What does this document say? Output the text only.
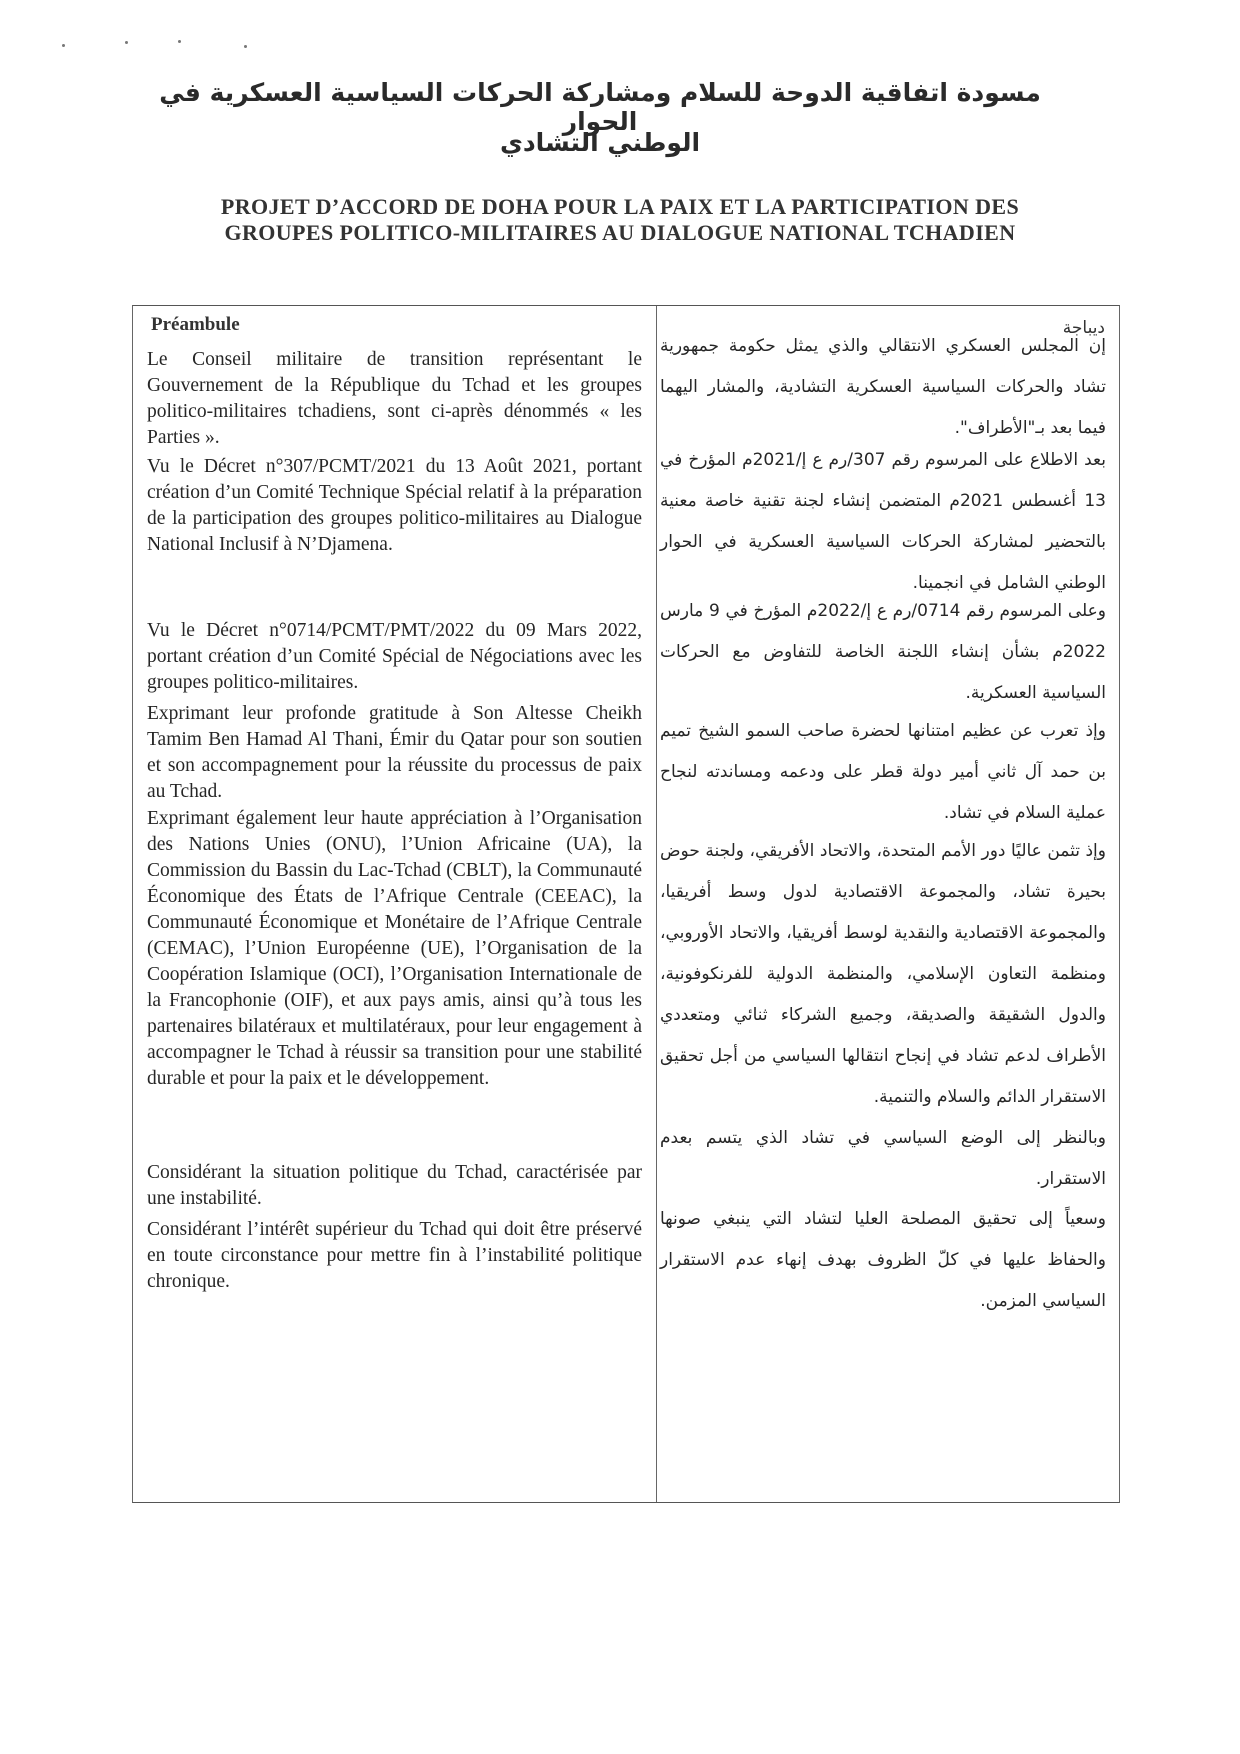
مسودة اتفاقية الدوحة للسلام ومشاركة الحركات السياسية العسكرية في الحوار
الوطني التشادي
PROJET D’ACCORD DE DOHA POUR LA PAIX ET LA PARTICIPATION DES
GROUPES POLITICO-MILITAIRES AU DIALOGUE NATIONAL TCHADIEN
Préambule	ديباجة

Le Conseil militaire de transition représentant le Gouvernement de la République du Tchad et les groupes politico-militaires tchadiens, sont ci-après dénommés « les Parties ».

Vu le Décret n°307/PCMT/2021 du 13 Août 2021, portant création d’un Comité Technique Spécial relatif à la préparation de la participation des groupes politico-militaires au Dialogue National Inclusif à N’Djamena.

Vu le Décret n°0714/PCMT/PMT/2022 du 09 Mars 2022, portant création d’un Comité Spécial de Négociations avec les groupes politico-militaires.

Exprimant leur profonde gratitude à Son Altesse Cheikh Tamim Ben Hamad Al Thani, Émir du Qatar pour son soutien et son accompagnement pour la réussite du processus de paix au Tchad.

Exprimant également leur haute appréciation à l’Organisation des Nations Unies (ONU), l’Union Africaine (UA), la Commission du Bassin du Lac-Tchad (CBLT), la Communauté Économique des États de l’Afrique Centrale (CEEAC), la Communauté Économique et Monétaire de l’Afrique Centrale (CEMAC), l’Union Européenne (UE), l’Organisation de la Coopération Islamique (OCI), l’Organisation Internationale de la Francophonie (OIF), et aux pays amis, ainsi qu’à tous les partenaires bilatéraux et multilatéraux, pour leur engagement à accompagner le Tchad à réussir sa transition pour une stabilité durable et pour la paix et le développement.

Considérant la situation politique du Tchad, caractérisée par une instabilité.

Considérant l’intérêt supérieur du Tchad qui doit être préservé en toute circonstance pour mettre fin à l’instabilité politique chronique.

إن المجلس العسكري الانتقالي والذي يمثل حكومة جمهورية تشاد والحركات السياسية العسكرية التشادية، والمشار اليهما فيما بعد بـ"الأطراف".

بعد الاطلاع على المرسوم رقم 307/رم ع إ/2021م المؤرخ في 13 أغسطس 2021م المتضمن إنشاء لجنة تقنية خاصة معنية بالتحضير لمشاركة الحركات السياسية العسكرية في الحوار الوطني الشامل في انجمينا.

وعلى المرسوم رقم 0714/رم ع إ/2022م المؤرخ في 9 مارس 2022م بشأن إنشاء اللجنة الخاصة للتفاوض مع الحركات السياسية العسكرية.

وإذ تعرب عن عظيم امتنانها لحضرة صاحب السمو الشيخ تميم بن حمد آل ثاني أمير دولة قطر على ودعمه ومساندته لنجاح عملية السلام في تشاد.

وإذ تثمن عاليًا دور الأمم المتحدة، والاتحاد الأفريقي، ولجنة حوض بحيرة تشاد، والمجموعة الاقتصادية لدول وسط أفريقيا، والمجموعة الاقتصادية والنقدية لوسط أفريقيا، والاتحاد الأوروبي، ومنظمة التعاون الإسلامي، والمنظمة الدولية للفرنكوفونية، والدول الشقيقة والصديقة، وجميع الشركاء ثنائي ومتعددي الأطراف لدعم تشاد في إنجاح انتقالها السياسي من أجل تحقيق الاستقرار الدائم والسلام والتنمية.

وبالنظر إلى الوضع السياسي في تشاد الذي يتسم بعدم الاستقرار.

وسعياً إلى تحقيق المصلحة العليا لتشاد التي ينبغي صونها والحفاظ عليها في كلّ الظروف بهدف إنهاء عدم الاستقرار السياسي المزمن.
